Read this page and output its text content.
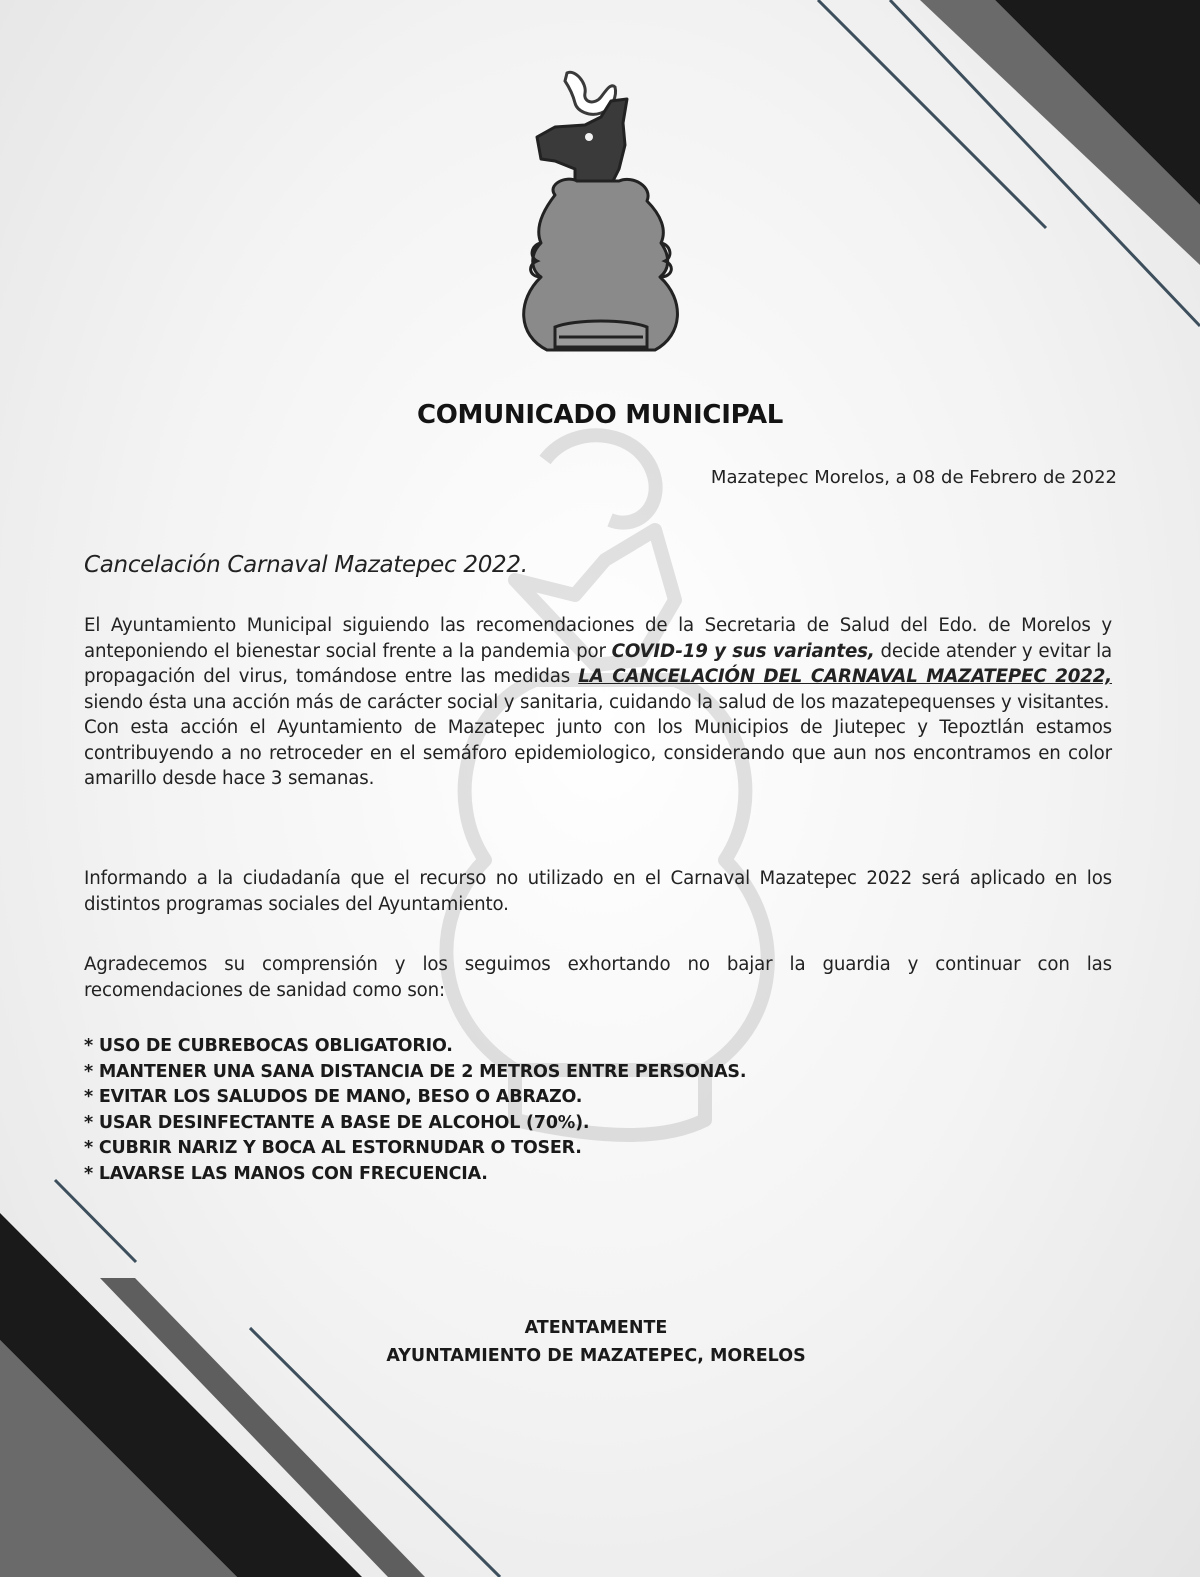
COMUNICADO MUNICIPAL
Mazatepec Morelos, a 08 de Febrero de 2022
Cancelación Carnaval Mazatepec 2022.
El Ayuntamiento Municipal siguiendo las recomendaciones de la Secretaria de Salud del Edo. de Morelos y anteponiendo el bienestar social frente a la pandemia por COVID-19 y sus variantes, decide atender y evitar la propagación del virus, tomándose entre las medidas LA CANCELACIÓN DEL CARNAVAL MAZATEPEC 2022, siendo ésta una acción más de carácter social y sanitaria, cuidando la salud de los mazatepequenses y visitantes.
Con esta acción el Ayuntamiento de Mazatepec junto con los Municipios de Jiutepec y Tepoztlán estamos contribuyendo a no retroceder en el semáforo epidemiologico, considerando que aun nos encontramos en color amarillo desde hace 3 semanas.
Informando a la ciudadanía que el recurso no utilizado en el Carnaval Mazatepec 2022 será aplicado en los distintos programas sociales del Ayuntamiento.
Agradecemos su comprensión y los seguimos exhortando no bajar la guardia y continuar con las recomendaciones de sanidad como son:
* USO DE CUBREBOCAS OBLIGATORIO.
* MANTENER UNA SANA DISTANCIA DE 2 METROS ENTRE PERSONAS.
* EVITAR LOS SALUDOS DE MANO, BESO O ABRAZO.
* USAR DESINFECTANTE A BASE DE ALCOHOL (70%).
* CUBRIR NARIZ Y BOCA AL ESTORNUDAR O TOSER.
* LAVARSE LAS MANOS CON FRECUENCIA.
ATENTAMENTE
AYUNTAMIENTO DE MAZATEPEC, MORELOS
